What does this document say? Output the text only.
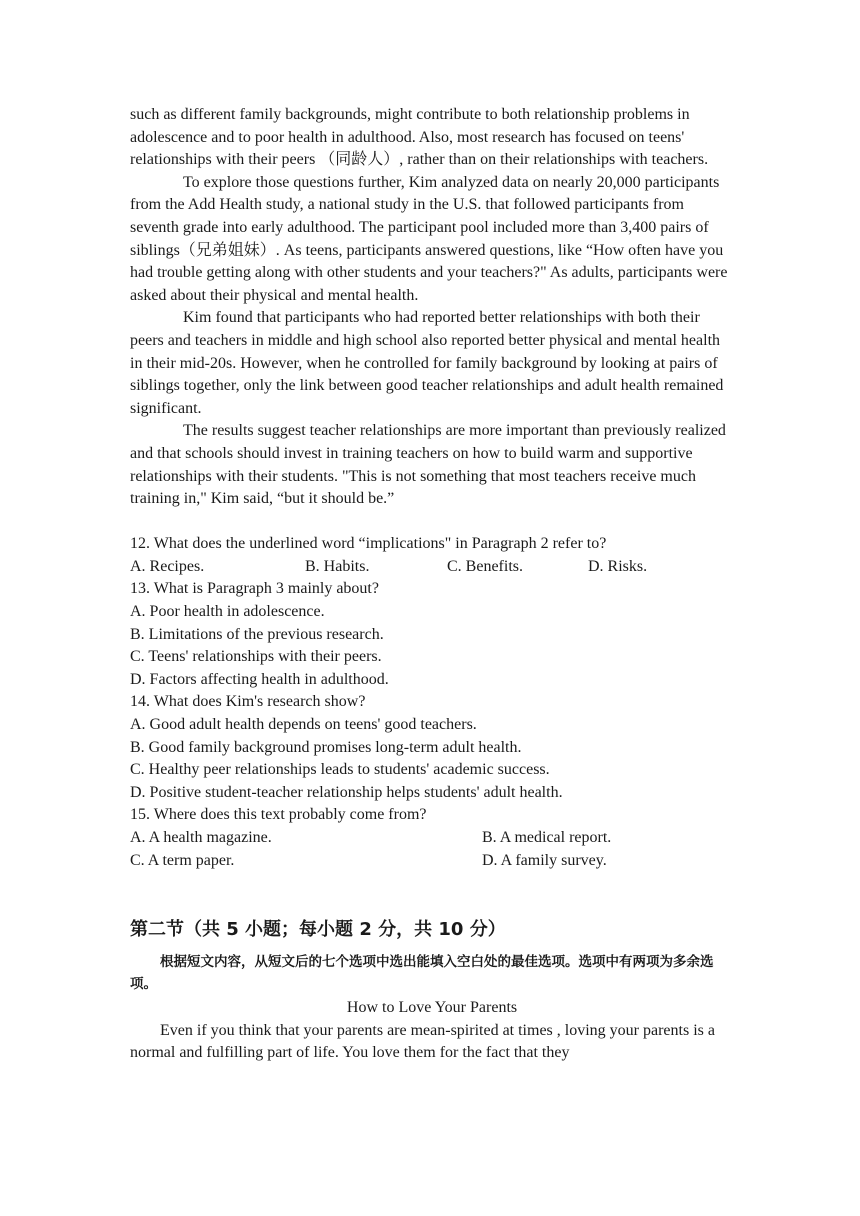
such as different family backgrounds, might contribute to both relationship problems in adolescence and to poor health in adulthood. Also, most research has focused on teens' relationships with their peers （同龄人）, rather than on their relationships with teachers.

To explore those questions further, Kim analyzed data on nearly 20,000 participants from the Add Health study, a national study in the U.S. that followed participants from seventh grade into early adulthood. The participant pool included more than 3,400 pairs of siblings（兄弟姐妹）. As teens, participants answered questions, like “How often have you had trouble getting along with other students and your teachers?" As adults, participants were asked about their physical and mental health.

Kim found that participants who had reported better relationships with both their peers and teachers in middle and high school also reported better physical and mental health in their mid-20s. However, when he controlled for family background by looking at pairs of siblings together, only the link between good teacher relationships and adult health remained significant.

The results suggest teacher relationships are more important than previously realized and that schools should invest in training teachers on how to build warm and supportive relationships with their students. "This is not something that most teachers receive much training in," Kim said, “but it should be.”

12. What does the underlined word “implications" in Paragraph 2 refer to?

A. Recipes.	B. Habits.	C. Benefits.	D. Risks.

13. What is Paragraph 3 mainly about?

A. Poor health in adolescence.

B. Limitations of the previous research.

C. Teens' relationships with their peers.

D. Factors affecting health in adulthood.

14. What does Kim's research show?

A. Good adult health depends on teens' good teachers.

B. Good family background promises long-term adult health.

C. Healthy peer relationships leads to students' academic success.

D. Positive student-teacher relationship helps students' adult health.

15. Where does this text probably come from?

A. A health magazine.	B. A medical report.
C. A term paper.	D. A family survey.

第二节（共 5 小题；每小题 2 分，共 10 分）

根据短文内容，从短文后的七个选项中选出能填入空白处的最佳选项。选项中有两项为多余选项。

How to Love Your Parents

Even if you think that your parents are mean-spirited at times , loving your parents is a normal and fulfilling part of life. You love them for the fact that they
